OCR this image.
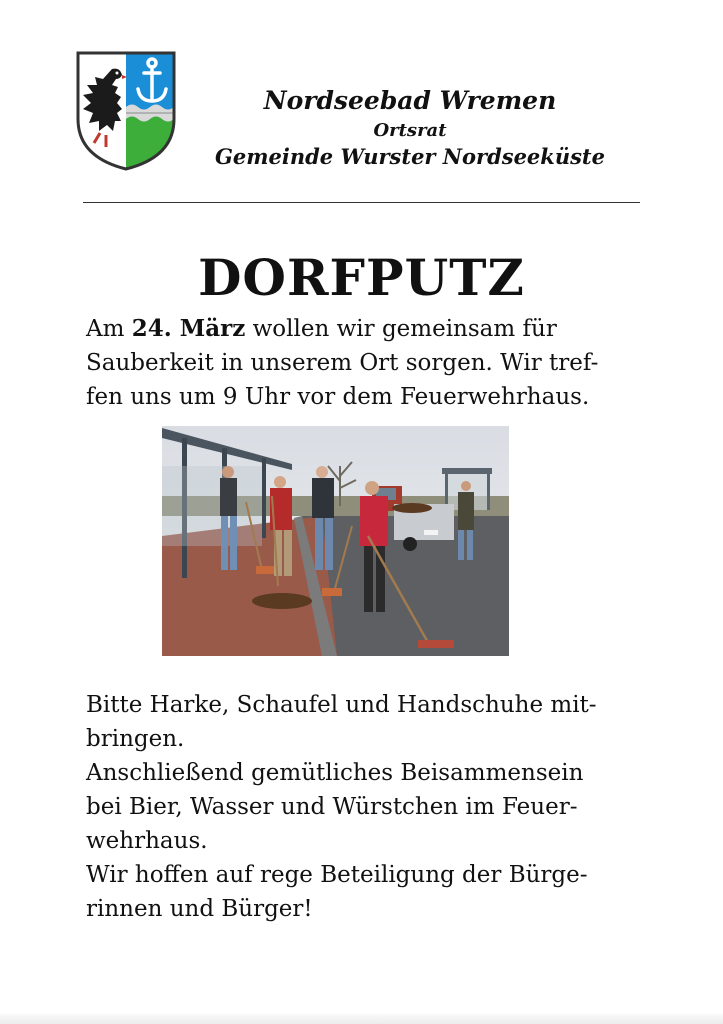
Nordseebad Wremen
Ortsrat
Gemeinde Wurster Nordseeküste
DORFPUTZ
Am 24. März wollen wir gemeinsam für
Sauberkeit in unserem Ort sorgen. Wir tref-
fen uns um 9 Uhr vor dem Feuerwehrhaus.
Bitte Harke, Schaufel und Handschuhe mit-
bringen.
Anschließend gemütliches Beisammensein
bei Bier, Wasser und Würstchen im Feuer-
wehrhaus.
Wir hoffen auf rege Beteiligung der Bürge-
rinnen und Bürger!
